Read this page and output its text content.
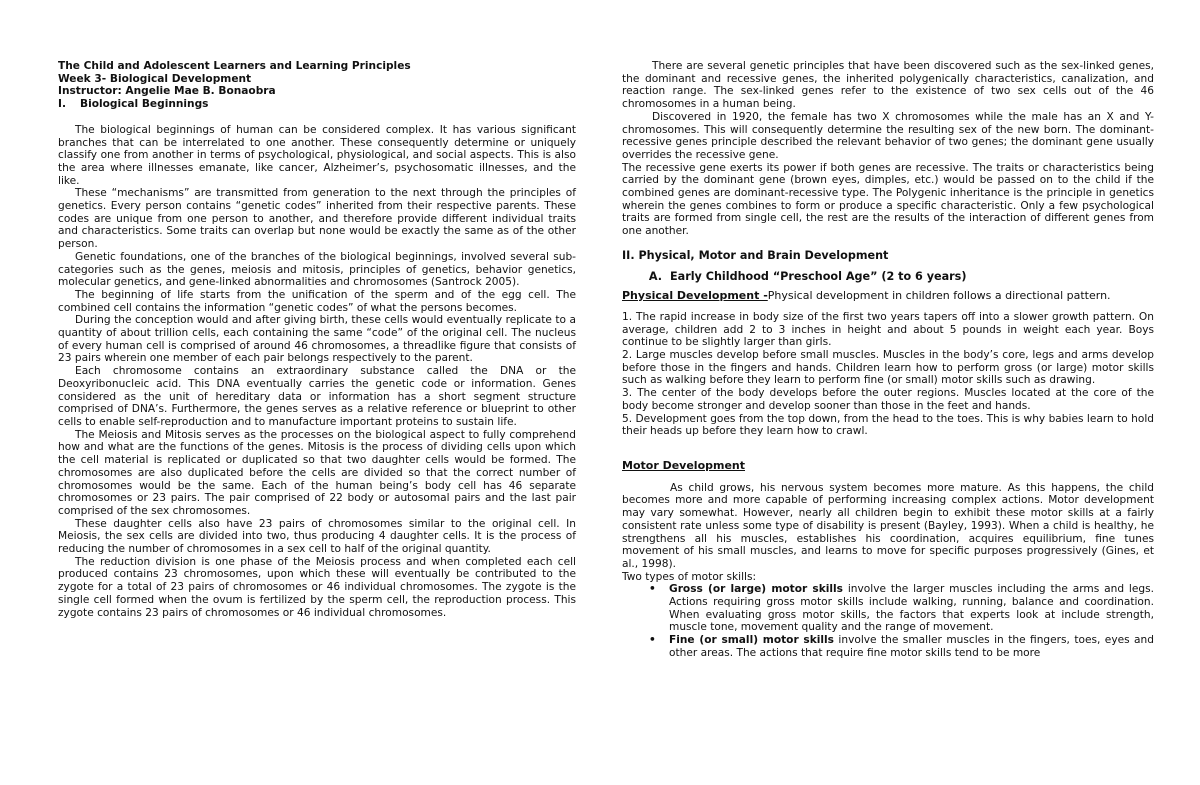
The Child and Adolescent Learners and Learning Principles
Week 3- Biological Development
Instructor: Angelie Mae B. Bonaobra
I. Biological Beginnings

The biological beginnings of human can be considered complex. It has various significant branches that can be interrelated to one another. These consequently determine or uniquely classify one from another in terms of psychological, physiological, and social aspects. This is also the area where illnesses emanate, like cancer, Alzheimer’s, psychosomatic illnesses, and the like.

These “mechanisms” are transmitted from generation to the next through the principles of genetics. Every person contains “genetic codes” inherited from their respective parents. These codes are unique from one person to another, and therefore provide different individual traits and characteristics. Some traits can overlap but none would be exactly the same as of the other person.

Genetic foundations, one of the branches of the biological beginnings, involved several sub-categories such as the genes, meiosis and mitosis, principles of genetics, behavior genetics, molecular genetics, and gene-linked abnormalities and chromosomes (Santrock 2005).

The beginning of life starts from the unification of the sperm and of the egg cell. The combined cell contains the information “genetic codes” of what the persons becomes.

During the conception would and after giving birth, these cells would eventually replicate to a quantity of about trillion cells, each containing the same “code” of the original cell. The nucleus of every human cell is comprised of around 46 chromosomes, a threadlike figure that consists of 23 pairs wherein one member of each pair belongs respectively to the parent.

Each chromosome contains an extraordinary substance called the DNA or the Deoxyribonucleic acid. This DNA eventually carries the genetic code or information. Genes considered as the unit of hereditary data or information has a short segment structure comprised of DNA’s. Furthermore, the genes serves as a relative reference or blueprint to other cells to enable self-reproduction and to manufacture important proteins to sustain life.

The Meiosis and Mitosis serves as the processes on the biological aspect to fully comprehend how and what are the functions of the genes. Mitosis is the process of dividing cells upon which the cell material is replicated or duplicated so that two daughter cells would be formed. The chromosomes are also duplicated before the cells are divided so that the correct number of chromosomes would be the same. Each of the human being’s body cell has 46 separate chromosomes or 23 pairs. The pair comprised of 22 body or autosomal pairs and the last pair comprised of the sex chromosomes.

These daughter cells also have 23 pairs of chromosomes similar to the original cell. In Meiosis, the sex cells are divided into two, thus producing 4 daughter cells. It is the process of reducing the number of chromosomes in a sex cell to half of the original quantity.

The reduction division is one phase of the Meiosis process and when completed each cell produced contains 23 chromosomes, upon which these will eventually be contributed to the zygote for a total of 23 pairs of chromosomes or 46 individual chromosomes. The zygote is the single cell formed when the ovum is fertilized by the sperm cell, the reproduction process. This zygote contains 23 pairs of chromosomes or 46 individual chromosomes.

There are several genetic principles that have been discovered such as the sex-linked genes, the dominant and recessive genes, the inherited polygenically characteristics, canalization, and reaction range. The sex-linked genes refer to the existence of two sex cells out of the 46 chromosomes in a human being.

Discovered in 1920, the female has two X chromosomes while the male has an X and Y-chromosomes. This will consequently determine the resulting sex of the new born. The dominant-recessive genes principle described the relevant behavior of two genes; the dominant gene usually overrides the recessive gene.

The recessive gene exerts its power if both genes are recessive. The traits or characteristics being carried by the dominant gene (brown eyes, dimples, etc.) would be passed on to the child if the combined genes are dominant-recessive type. The Polygenic inheritance is the principle in genetics wherein the genes combines to form or produce a specific characteristic. Only a few psychological traits are formed from single cell, the rest are the results of the interaction of different genes from one another.

II. Physical, Motor and Brain Development
A. Early Childhood “Preschool Age” (2 to 6 years)

Physical Development -Physical development in children follows a directional pattern.

1. The rapid increase in body size of the first two years tapers off into a slower growth pattern. On average, children add 2 to 3 inches in height and about 5 pounds in weight each year. Boys continue to be slightly larger than girls.

2. Large muscles develop before small muscles. Muscles in the body’s core, legs and arms develop before those in the fingers and hands. Children learn how to perform gross (or large) motor skills such as walking before they learn to perform fine (or small) motor skills such as drawing.

3. The center of the body develops before the outer regions. Muscles located at the core of the body become stronger and develop sooner than those in the feet and hands.

5. Development goes from the top down, from the head to the toes. This is why babies learn to hold their heads up before they learn how to crawl.

Motor Development

As child grows, his nervous system becomes more mature. As this happens, the child becomes more and more capable of performing increasing complex actions. Motor development may vary somewhat. However, nearly all children begin to exhibit these motor skills at a fairly consistent rate unless some type of disability is present (Bayley, 1993). When a child is healthy, he strengthens all his muscles, establishes his coordination, acquires equilibrium, fine tunes movement of his small muscles, and learns to move for specific purposes progressively (Gines, et al., 1998).

Two types of motor skills:

• Gross (or large) motor skills involve the larger muscles including the arms and legs. Actions requiring gross motor skills include walking, running, balance and coordination. When evaluating gross motor skills, the factors that experts look at include strength, muscle tone, movement quality and the range of movement.
• Fine (or small) motor skills involve the smaller muscles in the fingers, toes, eyes and other areas. The actions that require fine motor skills tend to be more
